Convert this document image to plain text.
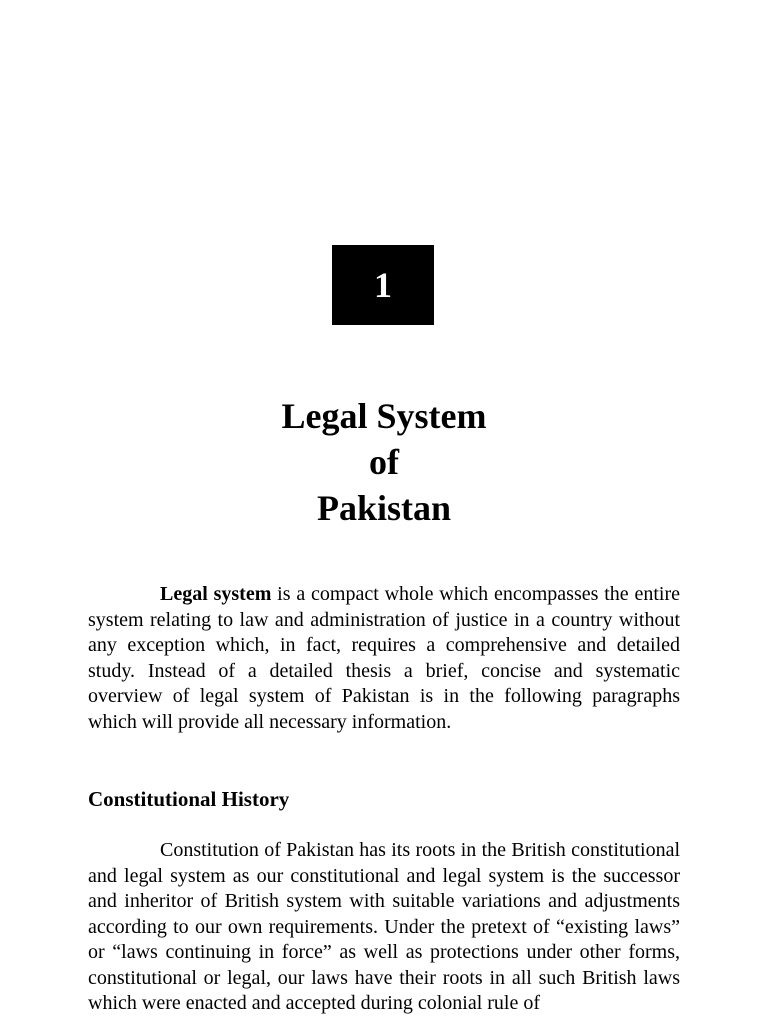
1
Legal System
of
Pakistan
Legal system is a compact whole which encompasses the entire system relating to law and administration of justice in a country without any exception which, in fact, requires a comprehensive and detailed study. Instead of a detailed thesis a brief, concise and systematic overview of legal system of Pakistan is in the following paragraphs which will provide all necessary information.
Constitutional History
Constitution of Pakistan has its roots in the British constitutional and legal system as our constitutional and legal system is the successor and inheritor of British system with suitable variations and adjustments according to our own requirements. Under the pretext of “existing laws” or “laws continuing in force” as well as protections under other forms, constitutional or legal, our laws have their roots in all such British laws which were enacted and accepted during colonial rule of
